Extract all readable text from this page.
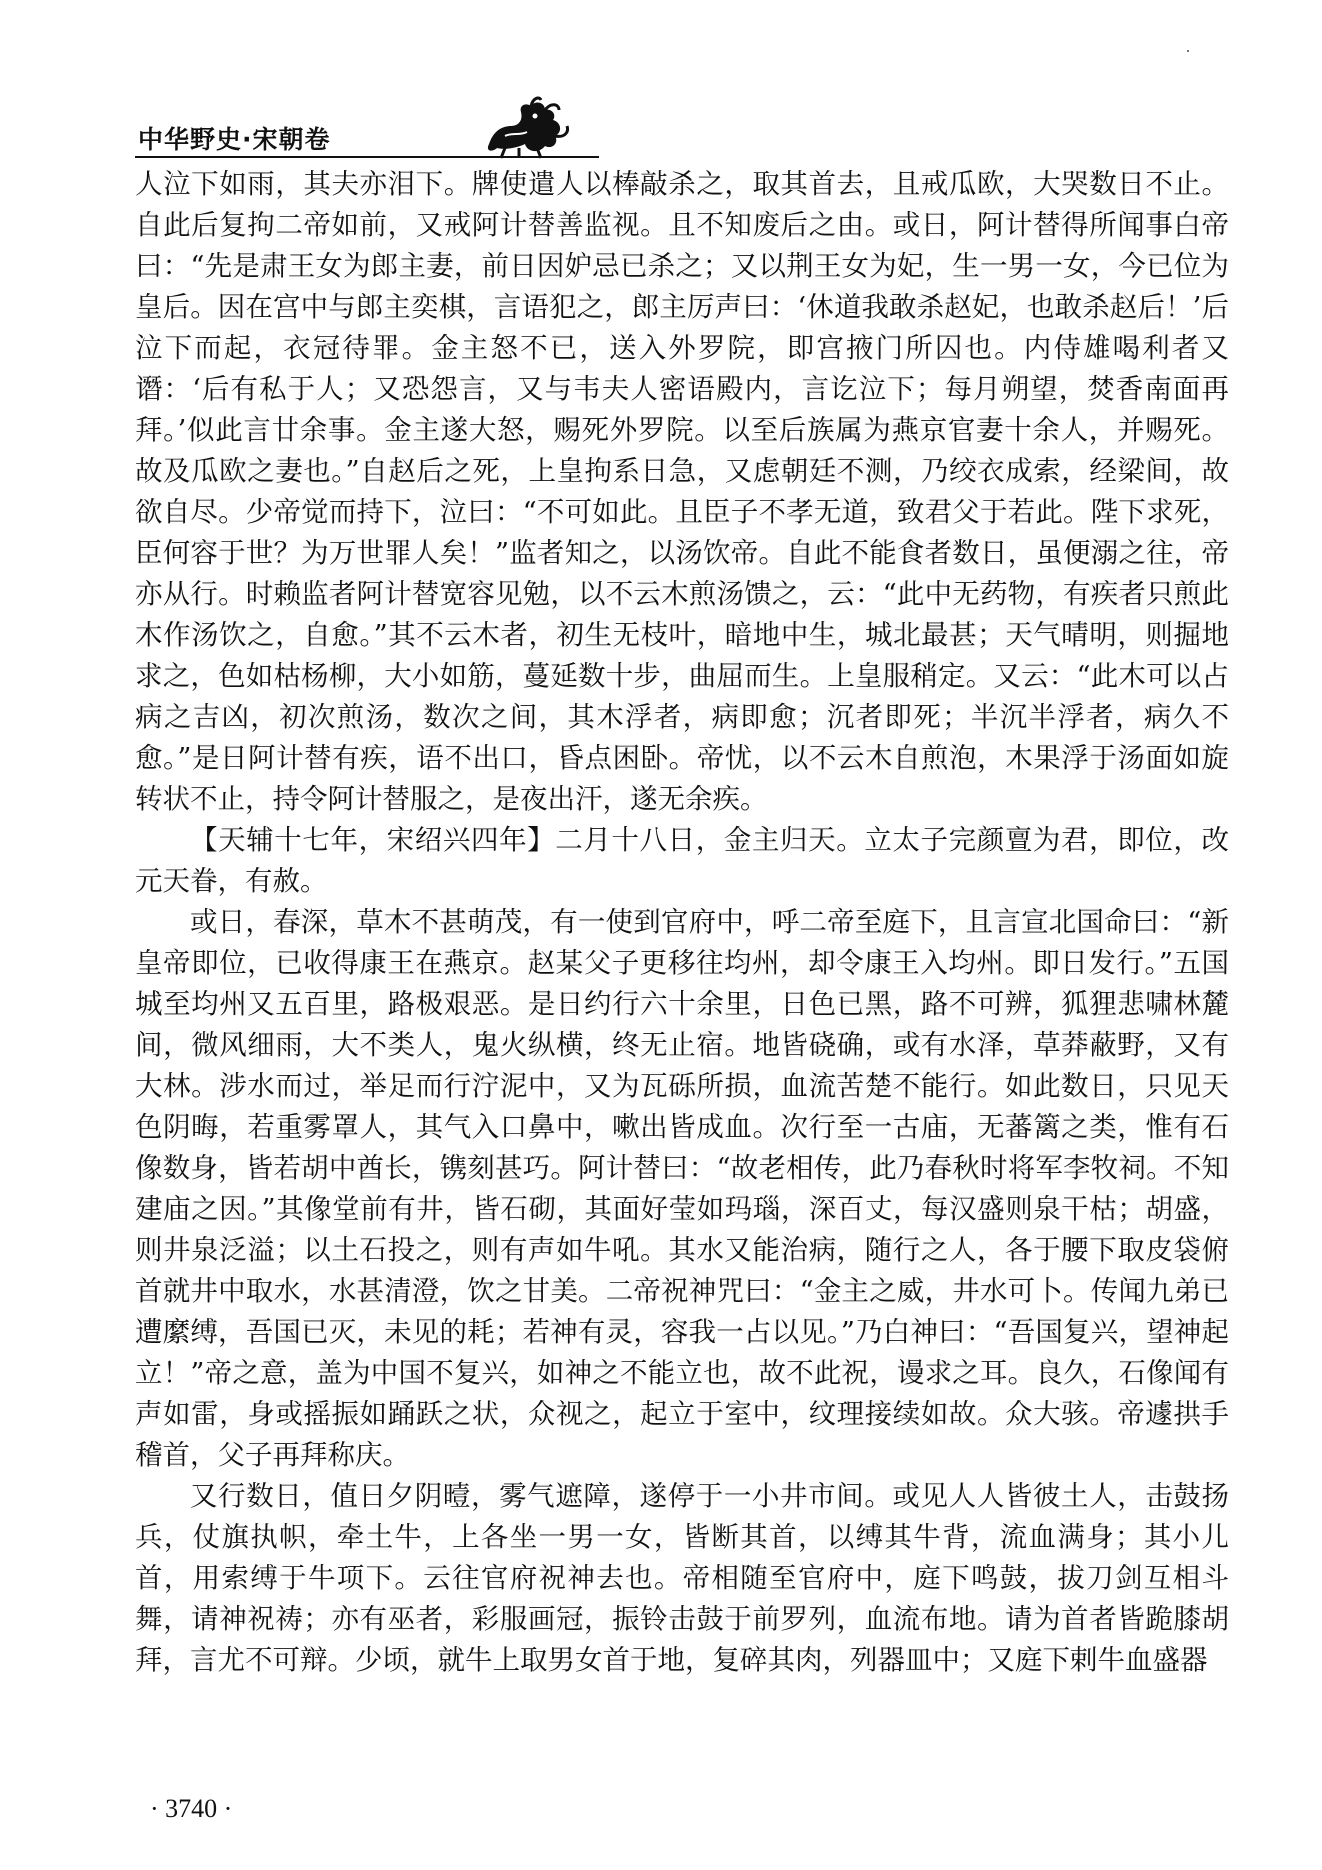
中华野史·宋朝卷

人泣下如雨，其夫亦泪下。牌使遣人以棒敲杀之，取其首去，且戒瓜欧，大哭数日不止。自此后复拘二帝如前，又戒阿计替善监视。且不知废后之由。或日，阿计替得所闻事白帝曰：“先是肃王女为郎主妻，前日因妒忌已杀之；又以荆王女为妃，生一男一女，今已位为皇后。因在宫中与郎主奕棋，言语犯之，郎主厉声曰：‘休道我敢杀赵妃，也敢杀赵后！’后泣下而起，衣冠待罪。金主怒不已，送入外罗院，即宫掖门所囚也。内侍雄喝利者又谮：‘后有私于人；又恐怨言，又与韦夫人密语殿内，言讫泣下；每月朔望，焚香南面再拜。’似此言廿余事。金主遂大怒，赐死外罗院。以至后族属为燕京官妻十余人，并赐死。故及瓜欧之妻也。”自赵后之死，上皇拘系日急，又虑朝廷不测，乃绞衣成索，经梁间，故欲自尽。少帝觉而持下，泣曰：“不可如此。且臣子不孝无道，致君父于若此。陛下求死，臣何容于世？为万世罪人矣！”监者知之，以汤饮帝。自此不能食者数日，虽便溺之往，帝亦从行。时赖监者阿计替宽容见勉，以不云木煎汤馈之，云：“此中无药物，有疾者只煎此木作汤饮之，自愈。”其不云木者，初生无枝叶，暗地中生，城北最甚；天气晴明，则掘地求之，色如枯杨柳，大小如筋，蔓延数十步，曲屈而生。上皇服稍定。又云：“此木可以占病之吉凶，初次煎汤，数次之间，其木浮者，病即愈；沉者即死；半沉半浮者，病久不愈。”是日阿计替有疾，语不出口，昏点困卧。帝忧，以不云木自煎泡，木果浮于汤面如旋转状不止，持令阿计替服之，是夜出汗，遂无余疾。

【天辅十七年，宋绍兴四年】二月十八日，金主归天。立太子完颜亶为君，即位，改元天眷，有赦。

或日，春深，草木不甚萌茂，有一使到官府中，呼二帝至庭下，且言宣北国命曰：“新皇帝即位，已收得康王在燕京。赵某父子更移往均州，却令康王入均州。即日发行。”五国城至均州又五百里，路极艰恶。是日约行六十余里，日色已黑，路不可辨，狐狸悲啸林麓间，微风细雨，大不类人，鬼火纵横，终无止宿。地皆硗确，或有水泽，草莽蔽野，又有大林。涉水而过，举足而行泞泥中，又为瓦砾所损，血流苦楚不能行。如此数日，只见天色阴晦，若重雾罩人，其气入口鼻中，嗽出皆成血。次行至一古庙，无蕃篱之类，惟有石像数身，皆若胡中酋长，镌刻甚巧。阿计替曰：“故老相传，此乃春秋时将军李牧祠。不知建庙之因。”其像堂前有井，皆石砌，其面好莹如玛瑙，深百丈，每汉盛则泉干枯；胡盛，则井泉泛溢；以土石投之，则有声如牛吼。其水又能治病，随行之人，各于腰下取皮袋俯首就井中取水，水甚清澄，饮之甘美。二帝祝神咒曰：“金主之威，井水可卜。传闻九弟已遭縻缚，吾国已灭，未见的耗；若神有灵，容我一占以见。”乃白神曰：“吾国复兴，望神起立！”帝之意，盖为中国不复兴，如神之不能立也，故不此祝，谩求之耳。良久，石像闻有声如雷，身或摇振如踊跃之状，众视之，起立于室中，纹理接续如故。众大骇。帝遽拱手稽首，父子再拜称庆。

又行数日，值日夕阴曀，雾气遮障，遂停于一小井市间。或见人人皆彼土人，击鼓扬兵，仗旗执帜，牵土牛，上各坐一男一女，皆断其首，以缚其牛背，流血满身；其小儿首，用索缚于牛项下。云往官府祝神去也。帝相随至官府中，庭下鸣鼓，拔刀剑互相斗舞，请神祝祷；亦有巫者，彩服画冠，振铃击鼓于前罗列，血流布地。请为首者皆跪膝胡拜，言尤不可辩。少顷，就牛上取男女首于地，复碎其肉，列器皿中；又庭下剌牛血盛器

· 3740 ·
